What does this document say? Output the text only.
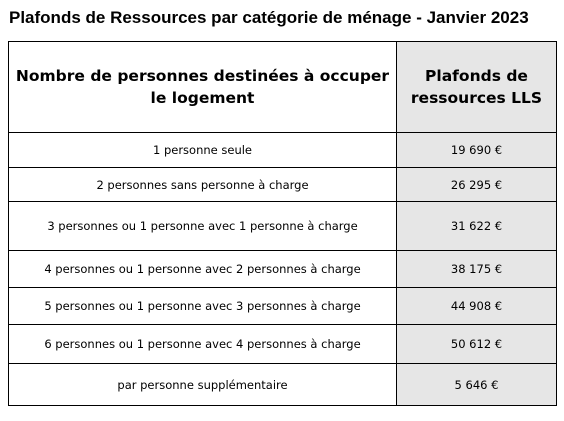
Plafonds de Ressources par catégorie de ménage - Janvier 2023
Nombre de personnes destinées à occuper le logement	Plafonds de ressources LLS
1 personne seule	19 690 €
2 personnes sans personne à charge	26 295 €
3 personnes ou 1 personne avec 1 personne à charge	31 622 €
4 personnes ou 1 personne avec 2 personnes à charge	38 175 €
5 personnes ou 1 personne avec 3 personnes à charge	44 908 €
6 personnes ou 1 personne avec 4 personnes à charge	50 612 €
par personne supplémentaire	5 646 €
